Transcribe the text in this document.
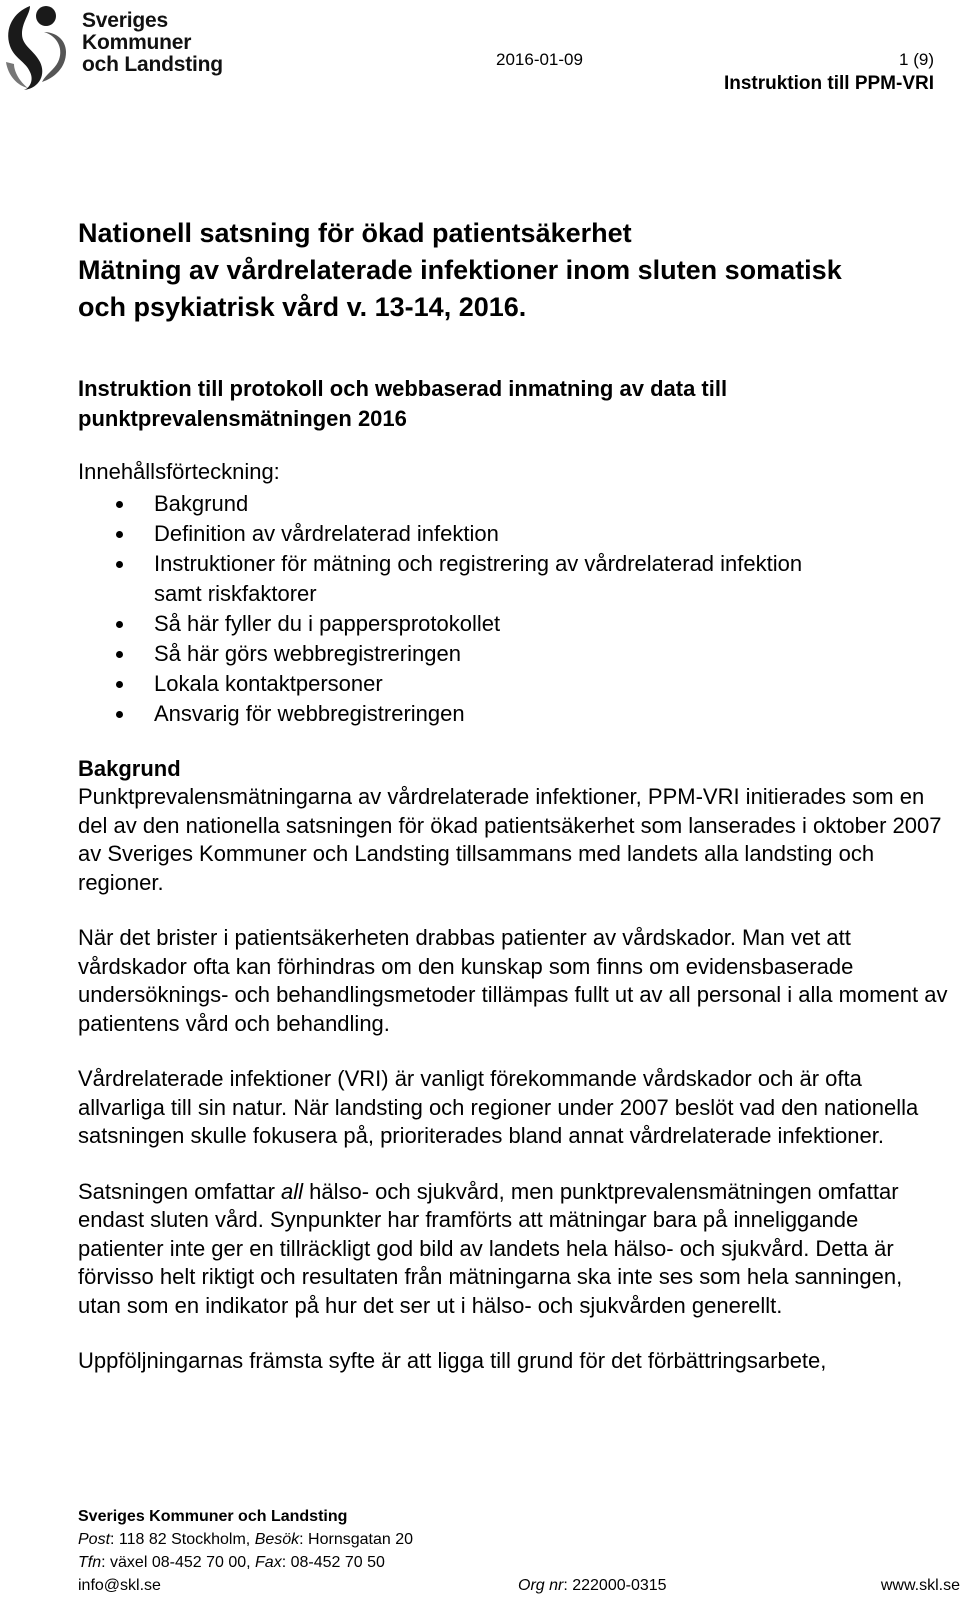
Sveriges
Kommuner
och Landsting	2016-01-09	1 (9)
Instruktion till PPM-VRI
Nationell satsning för ökad patientsäkerhet
Mätning av vårdrelaterade infektioner inom sluten somatisk
och psykiatrisk vård v. 13-14, 2016.
Instruktion till protokoll och webbaserad inmatning av data till
punktprevalensmätningen 2016
Innehållsförteckning:
Bakgrund
Definition av vårdrelaterad infektion
Instruktioner för mätning och registrering av vårdrelaterad infektion
samt riskfaktorer
Så här fyller du i pappersprotokollet
Så här görs webbregistreringen
Lokala kontaktpersoner
Ansvarig för webbregistreringen
Bakgrund

Punktprevalensmätningarna av vårdrelaterade infektioner, PPM-VRI initierades som en del av den nationella satsningen för ökad patientsäkerhet som lanserades i oktober 2007 av Sveriges Kommuner och Landsting tillsammans med landets alla landsting och regioner.

När det brister i patientsäkerheten drabbas patienter av vårdskador. Man vet att vårdskador ofta kan förhindras om den kunskap som finns om evidensbaserade undersöknings- och behandlingsmetoder tillämpas fullt ut av all personal i alla moment av patientens vård och behandling.

Vårdrelaterade infektioner (VRI) är vanligt förekommande vårdskador och är ofta allvarliga till sin natur. När landsting och regioner under 2007 beslöt vad den nationella satsningen skulle fokusera på, prioriterades bland annat vårdrelaterade infektioner.

Satsningen omfattar all hälso- och sjukvård, men punktprevalensmätningen omfattar endast sluten vård. Synpunkter har framförts att mätningar bara på inneliggande patienter inte ger en tillräckligt god bild av landets hela hälso- och sjukvård. Detta är förvisso helt riktigt och resultaten från mätningarna ska inte ses som hela sanningen, utan som en indikator på hur det ser ut i hälso- och sjukvården generellt.

Uppföljningarnas främsta syfte är att ligga till grund för det förbättringsarbete,

Sveriges Kommuner och Landsting
Post: 118 82 Stockholm, Besök: Hornsgatan 20
Tfn: växel 08-452 70 00, Fax: 08-452 70 50
info@skl.se	Org nr: 222000-0315	www.skl.se
